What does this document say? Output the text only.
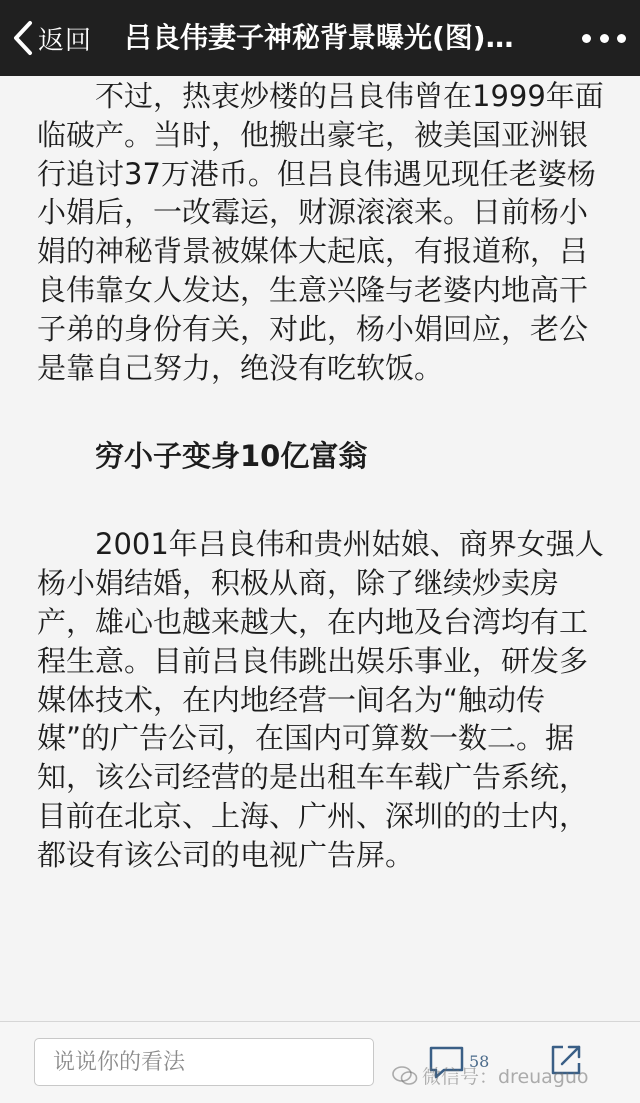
返回 吕良伟妻子神秘背景曝光(图)…

不过，热衷炒楼的吕良伟曾在1999年面临破产。当时，他搬出豪宅，被美国亚洲银行追讨37万港币。但吕良伟遇见现任老婆杨小娟后，一改霉运，财源滚滚来。日前杨小娟的神秘背景被媒体大起底，有报道称，吕良伟靠女人发达，生意兴隆与老婆内地高干子弟的身份有关，对此，杨小娟回应，老公是靠自己努力，绝没有吃软饭。

穷小子变身10亿富翁

2001年吕良伟和贵州姑娘、商界女强人杨小娟结婚，积极从商，除了继续炒卖房产，雄心也越来越大，在内地及台湾均有工程生意。目前吕良伟跳出娱乐事业，研发多媒体技术，在内地经营一间名为“触动传媒”的广告公司，在国内可算数一数二。据知，该公司经营的是出租车车载广告系统，目前在北京、上海、广州、深圳的的士内，都设有该公司的电视广告屏。

说说你的看法
58
微信号：dreuaguo
